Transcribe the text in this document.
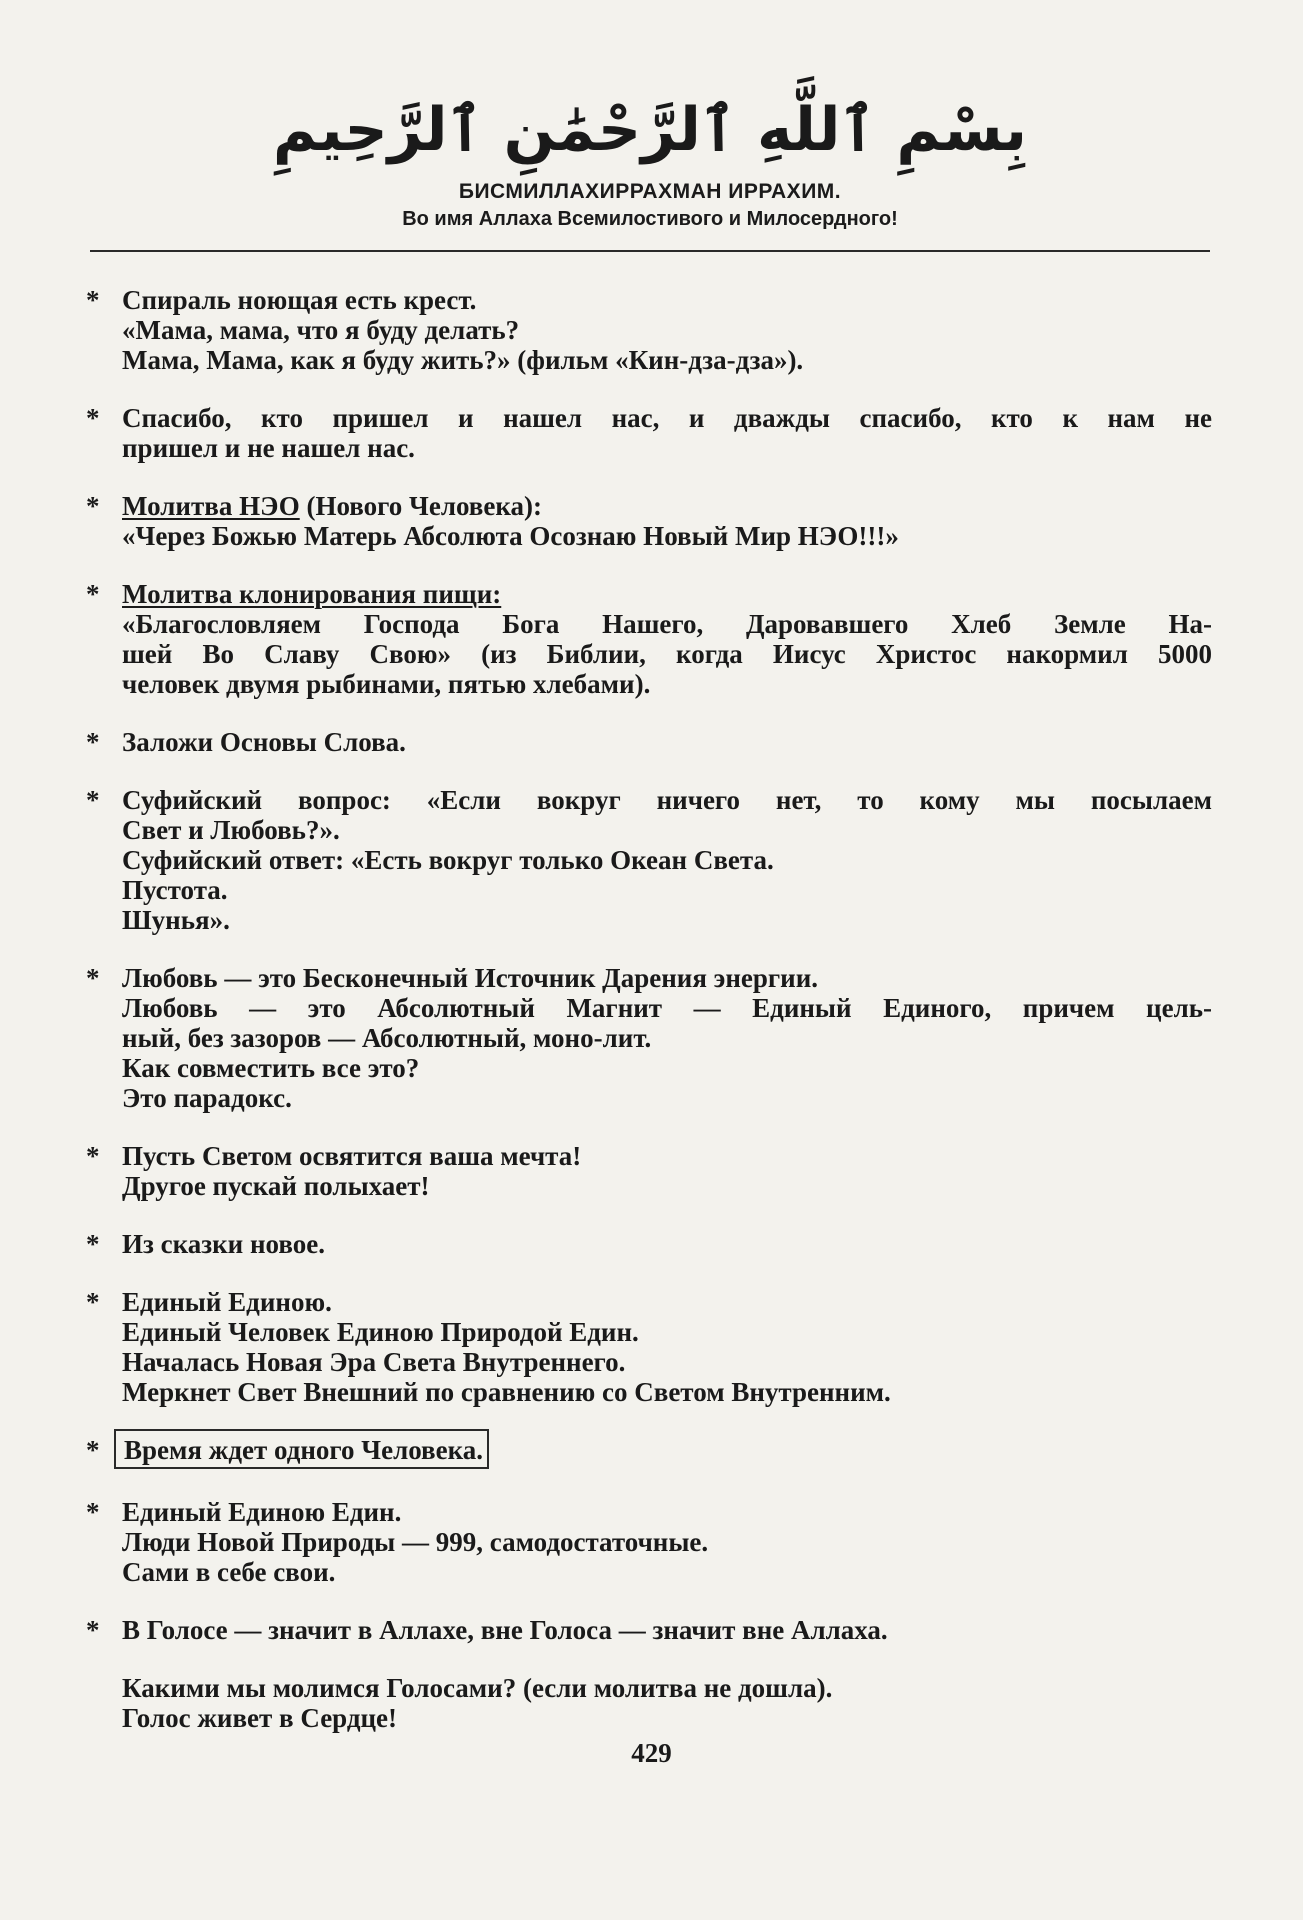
بِسْمِ ٱللَّهِ ٱلرَّحْمَٰنِ ٱلرَّحِيمِ
БИСМИЛЛАХИРРАХМАН ИРРАХИМ.
Во имя Аллаха Всемилостивого и Милосердного!
* Спираль ноющая есть крест.
«Мама, мама, что я буду делать?
Мама, Мама, как я буду жить?» (фильм «Кин-дза-дза»).
* Спасибо, кто пришел и нашел нас, и дважды спасибо, кто к нам не
пришел и не нашел нас.
* Молитва НЭО (Нового Человека):
«Через Божью Матерь Абсолюта Осознаю Новый Мир НЭО!!!»
* Молитва клонирования пищи:
«Благословляем Господа Бога Нашего, Даровавшего Хлеб Земле На-
шей Во Славу Свою» (из Библии, когда Иисус Христос накормил 5000
человек двумя рыбинами, пятью хлебами).
* Заложи Основы Слова.
* Суфийский вопрос: «Если вокруг ничего нет, то кому мы посылаем
Свет и Любовь?».
Суфийский ответ: «Есть вокруг только Океан Света.
Пустота.
Шунья».
* Любовь — это Бесконечный Источник Дарения энергии.
Любовь — это Абсолютный Магнит — Единый Единого, причем цель-
ный, без зазоров — Абсолютный, моно-лит.
Как совместить все это?
Это парадокс.
* Пусть Светом освятится ваша мечта!
Другое пускай полыхает!
* Из сказки новое.
* Единый Единою.
Единый Человек Единою Природой Един.
Началась Новая Эра Света Внутреннего.
Меркнет Свет Внешний по сравнению со Светом Внутренним.
* Время ждет одного Человека.
* Единый Единою Един.
Люди Новой Природы — 999, самодостаточные.
Сами в себе свои.
* В Голосе — значит в Аллахе, вне Голоса — значит вне Аллаха.
Какими мы молимся Голосами? (если молитва не дошла).
Голос живет в Сердце!
429
